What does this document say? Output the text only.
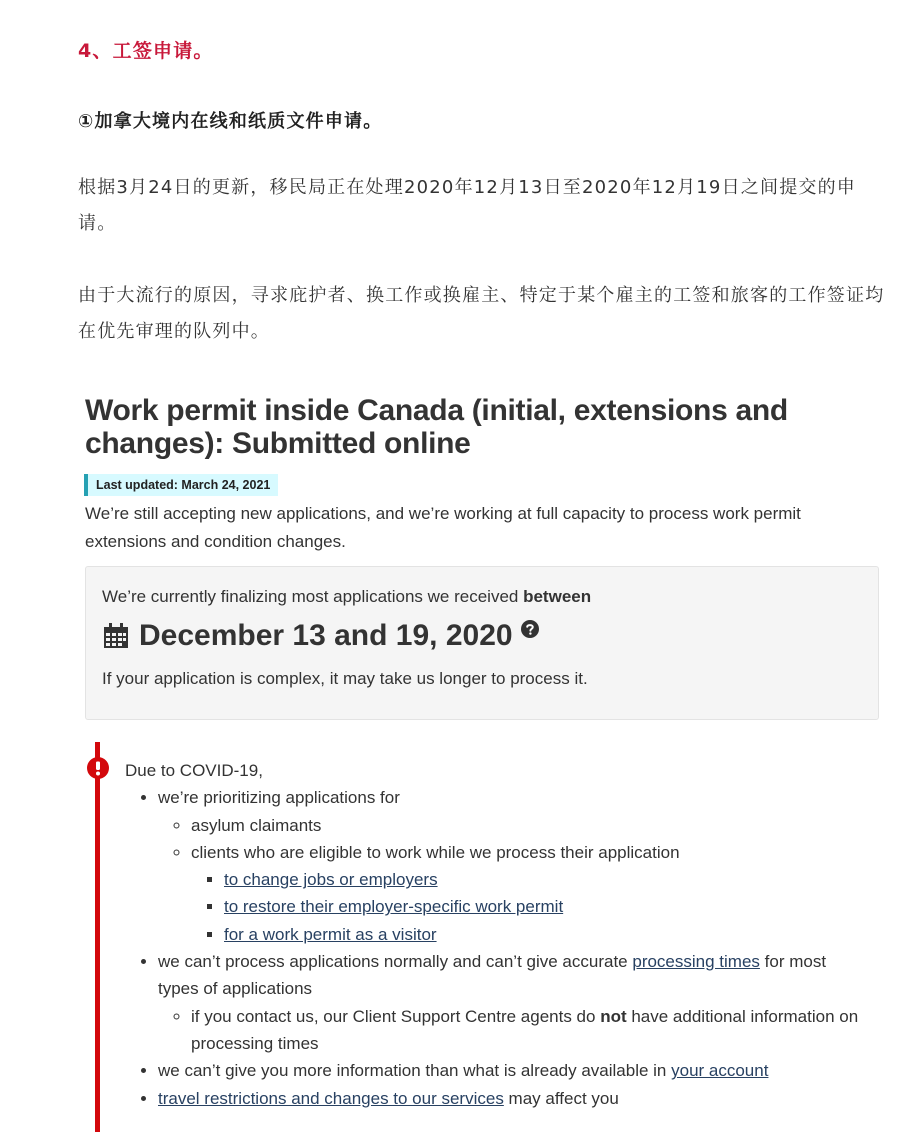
4、工签申请。
①加拿大境内在线和纸质文件申请。
根据3月24日的更新，移民局正在处理2020年12月13日至2020年12月19日之间提交的申请。
由于大流行的原因，寻求庇护者、换工作或换雇主、特定于某个雇主的工签和旅客的工作签证均在优先审理的队列中。
Work permit inside Canada (initial, extensions and changes): Submitted online
Last updated: March 24, 2021
We’re still accepting new applications, and we’re working at full capacity to process work permit extensions and condition changes.
We’re currently finalizing most applications we received between
December 13 and 19, 2020
If your application is complex, it may take us longer to process it.
Due to COVID-19,
• we’re prioritizing applications for
◦ asylum claimants
◦ clients who are eligible to work while we process their application
▪ to change jobs or employers
▪ to restore their employer-specific work permit
▪ for a work permit as a visitor
• we can’t process applications normally and can’t give accurate processing times for most types of applications
◦ if you contact us, our Client Support Centre agents do not have additional information on processing times
• we can’t give you more information than what is already available in your account
• travel restrictions and changes to our services may affect you
